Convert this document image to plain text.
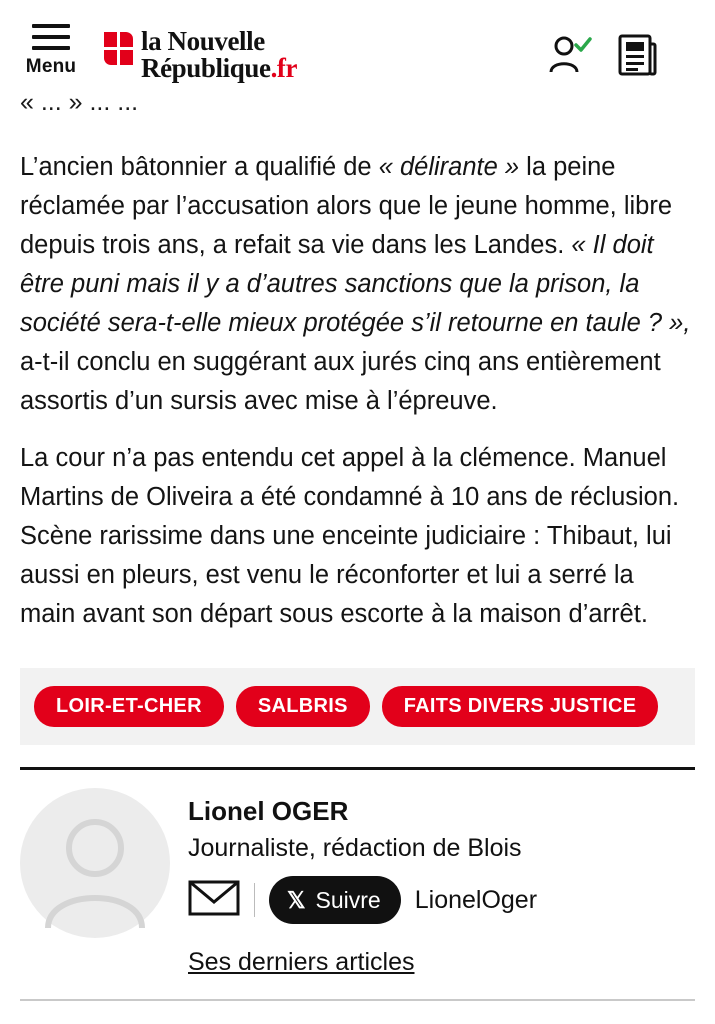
Menu
la Nouvelle
République.fr
« ... » ... ...

L’ancien bâtonnier a qualifié de « délirante » la peine réclamée par l’accusation alors que le jeune homme, libre depuis trois ans, a refait sa vie dans les Landes. « Il doit être puni mais il y a d’autres sanctions que la prison, la société sera-t-elle mieux protégée s’il retourne en taule ? », a-t-il conclu en suggérant aux jurés cinq ans entièrement assortis d’un sursis avec mise à l’épreuve.

La cour n’a pas entendu cet appel à la clémence. Manuel Martins de Oliveira a été condamné à 10 ans de réclusion. Scène rarissime dans une enceinte judiciaire : Thibaut, lui aussi en pleurs, est venu le réconforter et lui a serré la main avant son départ sous escorte à la maison d’arrêt.

LOIR-ET-CHER	SALBRIS	FAITS DIVERS JUSTICE
Lionel OGER
Journaliste, rédaction de Blois
𝕏 Suivre LionelOger
Ses derniers articles
